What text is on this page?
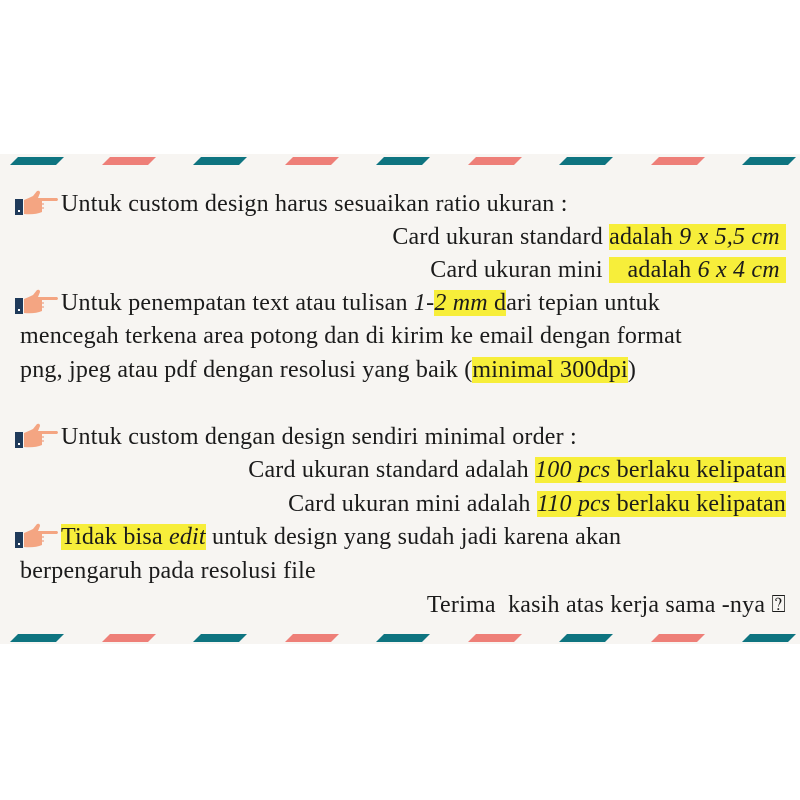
Untuk custom design harus sesuaikan ratio ukuran :
Card ukuran standard adalah 9 x 5,5 cm
Card ukuran mini    adalah 6 x 4 cm
Untuk penempatan text atau tulisan 1-2 mm dari tepian untuk
mencegah terkena area potong dan di kirim ke email dengan format
png, jpeg atau pdf dengan resolusi yang baik (minimal 300dpi)
Untuk custom dengan design sendiri minimal order :
Card ukuran standard adalah 100 pcs berlaku kelipatan
Card ukuran mini adalah 110 pcs berlaku kelipatan
Tidak bisa edit untuk design yang sudah jadi karena akan
berpengaruh pada resolusi file
Terima  kasih atas kerja sama -nya ⍰
